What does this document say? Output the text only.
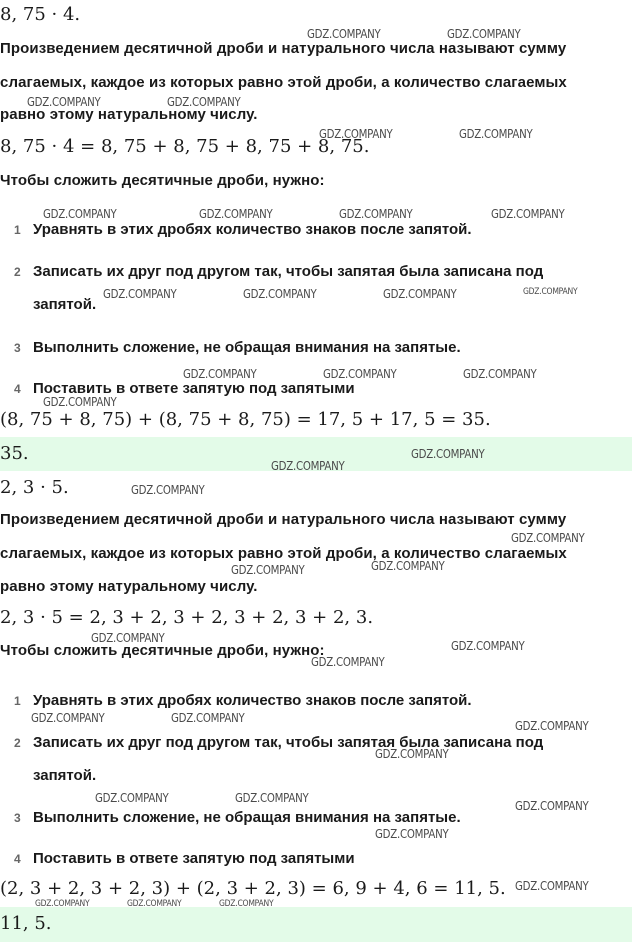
8, 75 · 4.
Произведением десятичной дроби и натурального числа называют сумму
слагаемых, каждое из которых равно этой дроби, а количество слагаемых
равно этому натуральному числу.
8, 75 · 4 = 8, 75 + 8, 75 + 8, 75 + 8, 75.
Чтобы сложить десятичные дроби, нужно:
1 Уравнять в этих дробях количество знаков после запятой.
2 Записать их друг под другом так, чтобы запятая была записана под
запятой.
3 Выполнить сложение, не обращая внимания на запятые.
4 Поставить в ответе запятую под запятыми
(8, 75 + 8, 75) + (8, 75 + 8, 75) = 17, 5 + 17, 5 = 35.
35.
2, 3 · 5.
Произведением десятичной дроби и натурального числа называют сумму
слагаемых, каждое из которых равно этой дроби, а количество слагаемых
равно этому натуральному числу.
2, 3 · 5 = 2, 3 + 2, 3 + 2, 3 + 2, 3 + 2, 3.
Чтобы сложить десятичные дроби, нужно:
1 Уравнять в этих дробях количество знаков после запятой.
2 Записать их друг под другом так, чтобы запятая была записана под
запятой.
3 Выполнить сложение, не обращая внимания на запятые.
4 Поставить в ответе запятую под запятыми
(2, 3 + 2, 3 + 2, 3) + (2, 3 + 2, 3) = 6, 9 + 4, 6 = 11, 5.
11, 5.
GDZ.COMPANY	GDZ.COMPANY
GDZ.COMPANY	GDZ.COMPANY
GDZ.COMPANY	GDZ.COMPANY
GDZ.COMPANY	GDZ.COMPANY	GDZ.COMPANY	GDZ.COMPANY
GDZ.COMPANY	GDZ.COMPANY	GDZ.COMPANY	GDZ.COMPANY
GDZ.COMPANY	GDZ.COMPANY	GDZ.COMPANY
GDZ.COMPANY
GDZ.COMPANY
GDZ.COMPANY
GDZ.COMPANY
GDZ.COMPANY
GDZ.COMPANY
GDZ.COMPANY
GDZ.COMPANY
GDZ.COMPANY
GDZ.COMPANY
GDZ.COMPANY	GDZ.COMPANY
GDZ.COMPANY
GDZ.COMPANY
GDZ.COMPANY	GDZ.COMPANY
GDZ.COMPANY
GDZ.COMPANY
GDZ.COMPANY
GDZ.COMPANY	GDZ.COMPANY	GDZ.COMPANY
